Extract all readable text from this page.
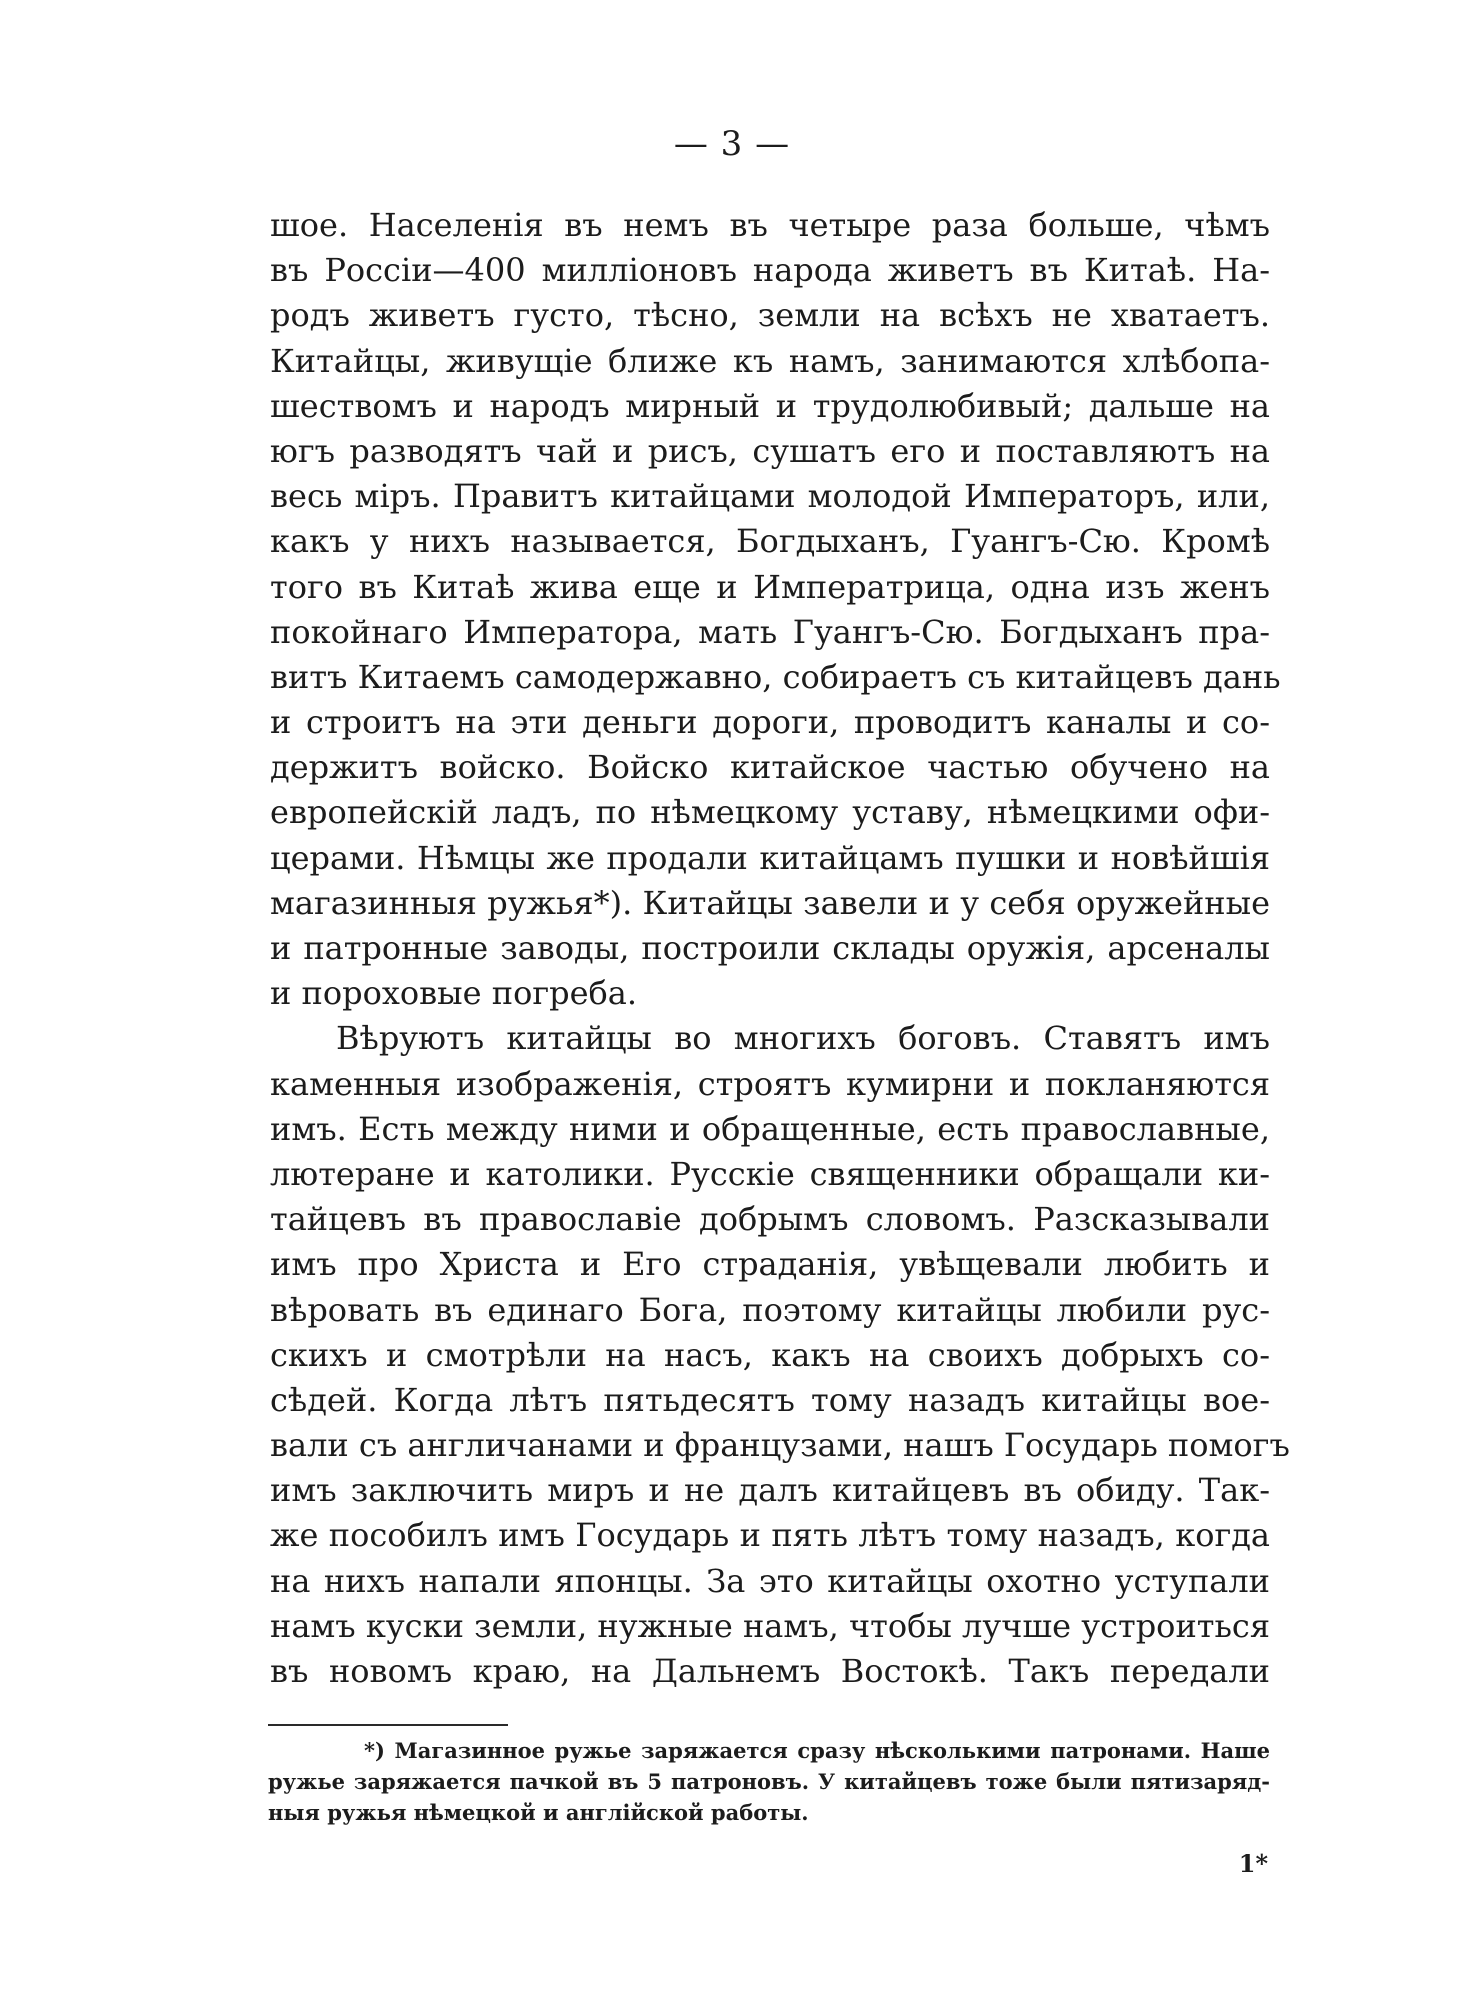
— 3 —
шое. Населенія въ немъ въ четыре раза больше, чѣмъ
въ Россіи—400 милліоновъ народа живетъ въ Китаѣ. На-
родъ живетъ густо, тѣсно, земли на всѣхъ не хватаетъ.
Китайцы, живущіе ближе къ намъ, занимаются хлѣбопа-
шествомъ и народъ мирный и трудолюбивый; дальше на
югъ разводятъ чай и рисъ, сушатъ его и поставляютъ на
весь міръ. Правитъ китайцами молодой Императоръ, или,
какъ у нихъ называется, Богдыханъ, Гуангъ-Сю. Кромѣ
того въ Китаѣ жива еще и Императрица, одна изъ женъ
покойнаго Императора, мать Гуангъ-Сю. Богдыханъ пра-
витъ Китаемъ самодержавно, собираетъ съ китайцевъ дань
и строитъ на эти деньги дороги, проводитъ каналы и со-
держитъ войско. Войско китайское частью обучено на
европейскій ладъ, по нѣмецкому уставу, нѣмецкими офи-
церами. Нѣмцы же продали китайцамъ пушки и новѣйшія
магазинныя ружья*). Китайцы завели и у себя оружейные
и патронные заводы, построили склады оружія, арсеналы
и пороховые погреба.
Вѣруютъ китайцы во многихъ боговъ. Ставятъ имъ
каменныя изображенія, строятъ кумирни и покланяются
имъ. Есть между ними и обращенные, есть православные,
лютеране и католики. Русскіе священники обращали ки-
тайцевъ въ православіе добрымъ словомъ. Разсказывали
имъ про Христа и Его страданія, увѣщевали любить и
вѣровать въ единаго Бога, поэтому китайцы любили рус-
скихъ и смотрѣли на насъ, какъ на своихъ добрыхъ со-
сѣдей. Когда лѣтъ пятьдесятъ тому назадъ китайцы вое-
вали съ англичанами и французами, нашъ Государь помогъ
имъ заключить миръ и не далъ китайцевъ въ обиду. Так-
же пособилъ имъ Государь и пять лѣтъ тому назадъ, когда
на нихъ напали японцы. За это китайцы охотно уступали
намъ куски земли, нужные намъ, чтобы лучше устроиться
въ новомъ краю, на Дальнемъ Востокѣ. Такъ передали
*) Магазинное ружье заряжается сразу нѣсколькими патронами. Наше
ружье заряжается пачкой въ 5 патроновъ. У китайцевъ тоже были пятизаряд-
ныя ружья нѣмецкой и англійской работы.

1*
